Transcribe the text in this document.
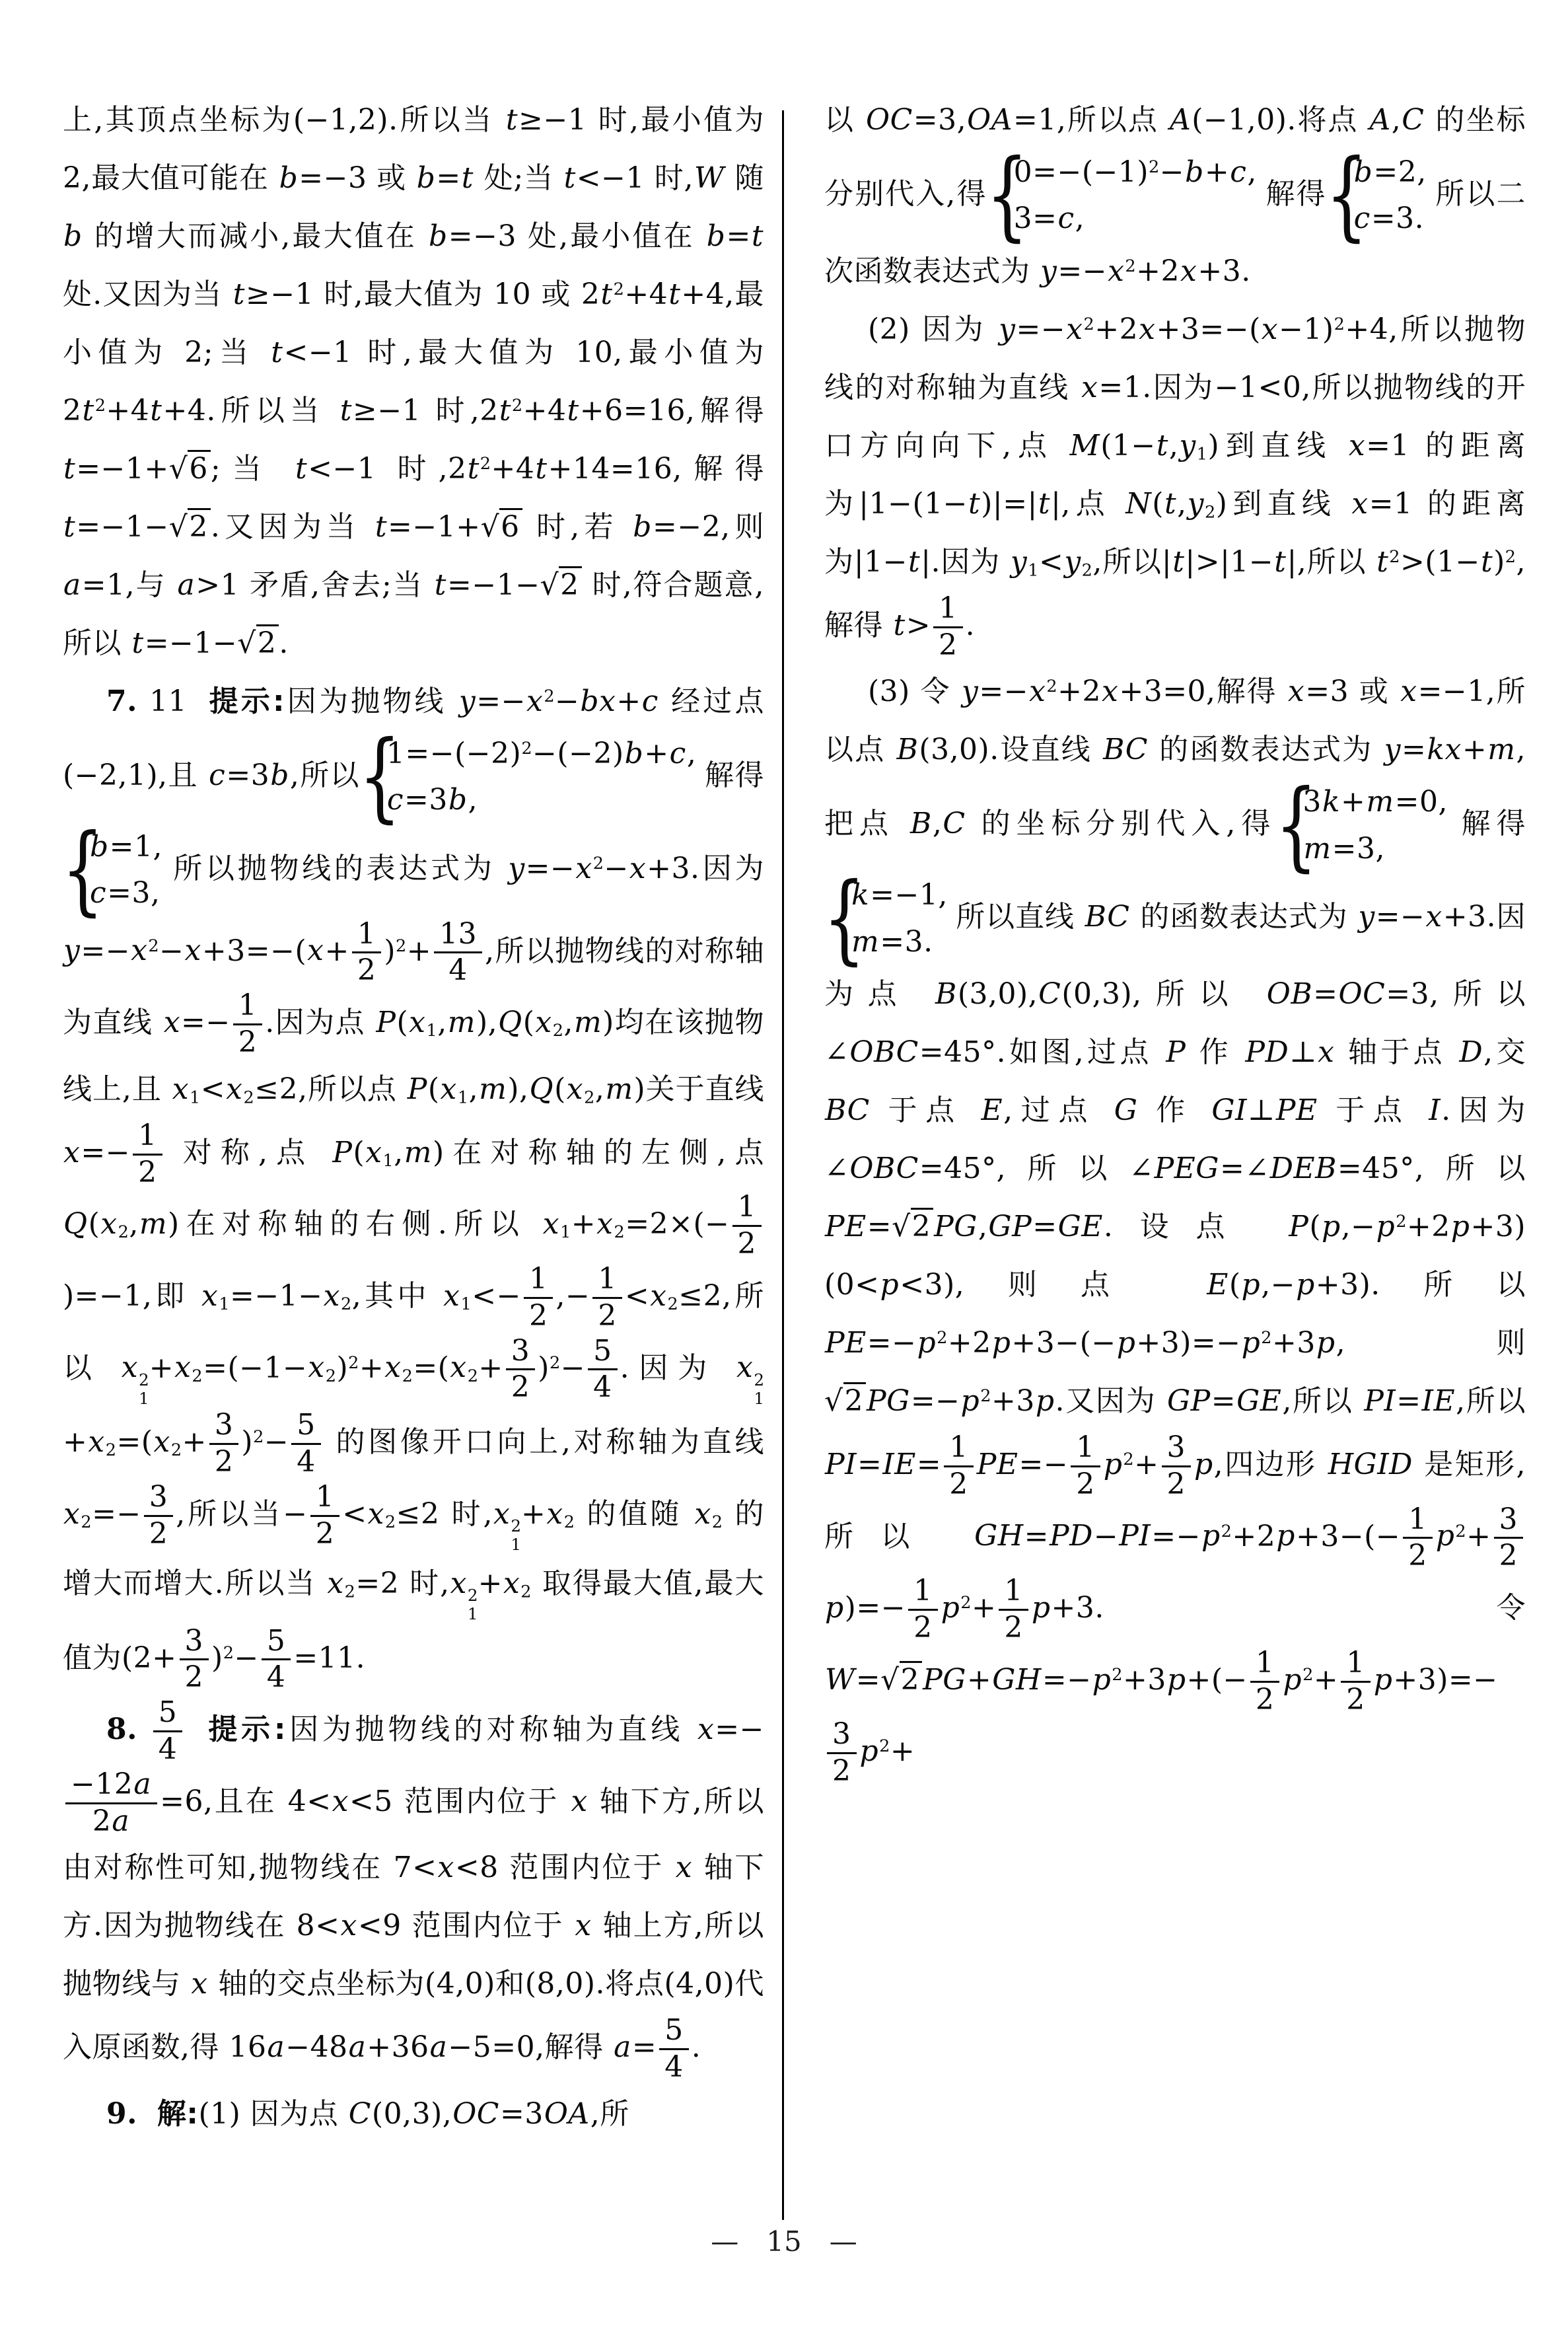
上,其顶点坐标为(−1,2).所以当 t≥−1 时,最小值为 2,最大值可能在 b=−3 或 b=t 处;当 t<−1 时,W 随 b 的增大而减小,最大值在 b=−3 处,最小值在 b=t 处.又因为当 t≥−1 时,最大值为 10 或 $2t^2+4t+4$,最小值为 2;当 t<−1 时,最大值为 10,最小值为 $2t^2+4t+4$.所以当 t≥−1 时$,2t^2+4t+6=16$,解得 t=−1+ √ 6;当 t<−1 时$,2t^2+4t+14=16$,解得 t=−1− √ 2.又因为当 t=−1+ √ 6 时,若 b=−2,则 a=1,与 a>1 矛盾,舍去;当 t=−1− √ 2 时,符合题意,所以 t=−1− √ 2.

7. 11 提示:因为抛物线 $y=-x^2-bx+c$ 经过点(−2,1),且 c=3b,所以
{ $1=-(-2)^2-(-2)b+c$,
c=3b,
解得
{ b=1,
c=3,
所以抛物线的表达式为 $y=-x^2-x+3$.因为 $y=-x^2-x+3=-(x+ \frac{1}{2} )^2+ \frac{13}{4}$ ,所以抛物线的对称轴为直线 $x=- \frac{1}{2}$ .因为点 $P(x_1,m),Q(x_2,m)$均在该抛物线上,且 $x_1<x_2\le 2$,所以点 $P(x_1,m),Q(x_2,m)$关于直线 $x=- \frac{1}{2}$ 对称,点 $P(x_1,m)$在对称轴的左侧,点 $Q(x_2,m)$在对称轴的右侧.所以 $x_1+x_2=2\times(- \frac{1}{2}$
)=−1,即 $x_1=-1-x_2$,其中 $x_1<- \frac{1}{2}$ ,− $\frac{1}{2} <x_2\le 2$,所以 x 2
1
$+x_2=(-1-x_2)^2+x_2=(x_2+ \frac{3}{2} )^2- \frac{5}{4}$ .因为 x 2
1
$+x_2=(x_2+ \frac{3}{2} )^2- \frac{5}{4}$ 的图像开口向上,对称轴为直线 $x_2=- \frac{3}{2}$ ,所以当− $\frac{1}{2} <x_2\le 2$ 时,x 2
1
$+x_2$ 的值随 $x_2$ 的增大而增大.所以当 $x_2=2$ 时,x 2
1
$+x_2$ 取得最大值,最大值为$(2+ \frac{3}{2} )^2- \frac{5}{4} =11$.

8. $\frac{5}{4}$ 提示:因为抛物线的对称轴为直线 x=−
$\frac{-12a}{2a} =6$,且在 4<x<5 范围内位于 x 轴下方,所以由对称性可知,抛物线在 7<x<8 范围内位于 x 轴下方.因为抛物线在 8<x<9 范围内位于 x 轴上方,所以抛物线与 x 轴的交点坐标为(4,0)和(8,0).将点(4,0)代入原函数,得 16a−48a+36a−5=0,解得 $a= \frac{5}{4}$ .

9. 解:(1) 因为点 C(0,3),OC=3OA,所

以 OC=3,OA=1,所以点 A(−1,0).将点 A,C 的坐标分别代入,得
{ $0=-(-1)^2-b+c$,
3=c,
解得
{ b=2,
c=3.
所以二次函数表达式为 $y=-x^2+2x+3$.

(2) 因为 $y=-x^2+2x+3=-(x-1)^2+4$,所以抛物线的对称轴为直线 x=1.因为−1<0,所以抛物线的开口方向向下,点 $M(1-t,y_1)$到直线 x=1 的距离为|1−(1−t)|=|t|,点 $N(t,y_2)$到直线 x=1 的距离为|1−t|.因为 $y_1<y_2$,所以|t|>|1−t|,所以 $t^2>(1-t)^2$,解得 $t> \frac{1}{2}$ .

(3) 令 $y=-x^2+2x+3=0$,解得 x=3 或 x=−1,所以点 B(3,0).设直线 BC 的函数表达式为 y=kx+m,把点 B,C 的坐标分别代入,得
{ 3k+m=0,
m=3,
解得
{ k=−1,
m=3.
所以直线 BC 的函数表达式为 y=−x+3.因为点 B(3,0),C(0,3),所以 OB=OC=3,所以∠OBC=45°.如图,过点 P 作 PD⊥x 轴于点 D,交 BC 于点 E,过点 G 作 GI⊥PE 于点 I.因为∠OBC=45°,所以∠PEG=∠DEB=45°,所以 PE= √ 2 PG,GP=GE.设点 $P(p,-p^2+2p+3)(0<p<3)$,则点 E(p,−p+3).所以 $PE=-p^2+2p+3-(-p+3)=-p^2+3p$,则√ 2 $PG=-p^2+3p$.又因为 GP=GE,所以 PI=IE,所以 $PI=IE= \frac{1}{2} PE=- \frac{1}{2} p^2+ \frac{3}{2} p$,四边形 HGID 是矩形,所以 $GH=PD-PI=-p^2+2p+3-(- \frac{1}{2} p^2+ \frac{3}{2}$
$p)=- \frac{1}{2} p^2+ \frac{1}{2} p+3$.令 W= √ 2 $PG+GH=-p^2+3p+(- \frac{1}{2} p^2+ \frac{1}{2} p+3)=-$
$\frac{3}{2} p^2+$

— 15 —
